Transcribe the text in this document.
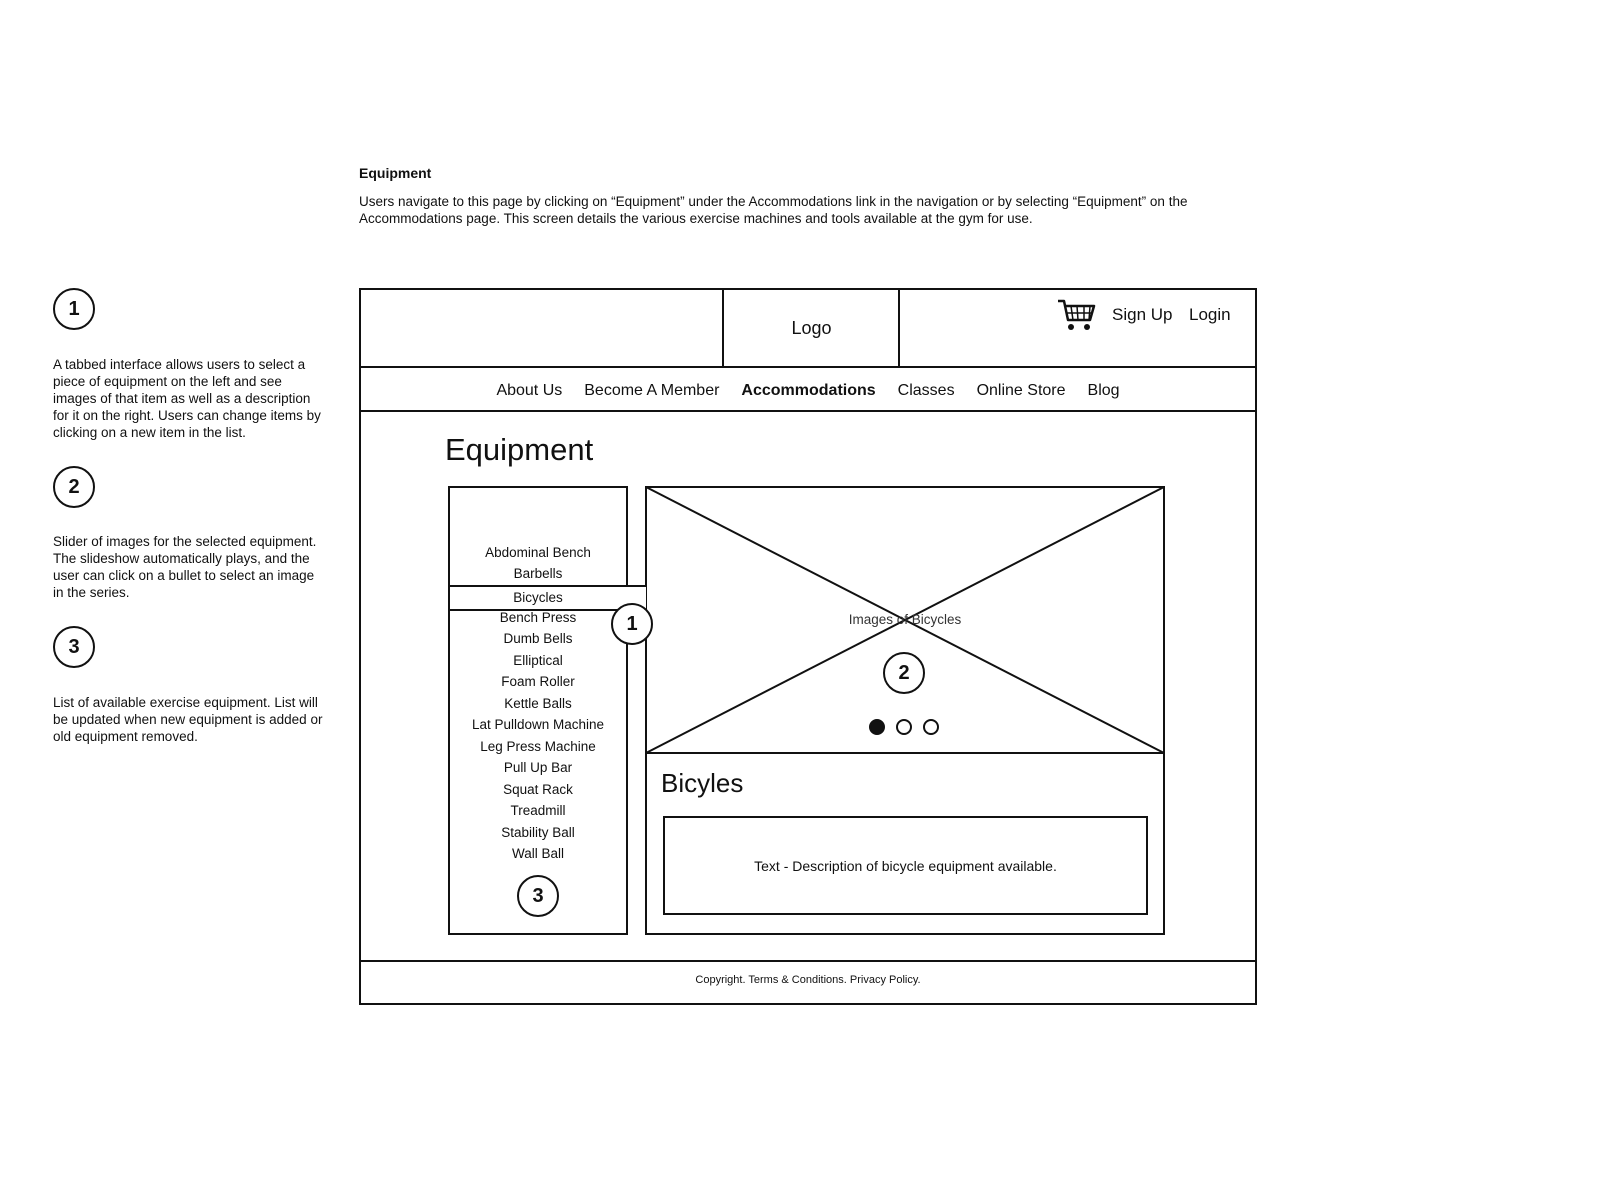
Equipment
Users navigate to this page by clicking on “Equipment” under the Accommodations link in the navigation or by selecting “Equipment” on the Accommodations page. This screen details the various exercise machines and tools available at the gym for use.
1
A tabbed interface allows users to select a piece of equipment on the left and see images of that item as well as a description for it on the right. Users can change items by clicking on a new item in the list.
2
Slider of images for the selected equipment. The slideshow automatically plays, and the user can click on a bullet to select an image in the series.
3
List of available exercise equipment. List will be updated when new equipment is added or old equipment removed.
Logo
Sign Up Login
About Us Become A Member Accommodations Classes Online Store Blog
Equipment
Images of Bicycles
2
Bicyles
Text - Description of bicycle equipment available.
Abdominal Bench
Barbells
Bicycles
Bench Press
Dumb Bells
Elliptical
Foam Roller
Kettle Balls
Lat Pulldown Machine
Leg Press Machine
Pull Up Bar
Squat Rack
Treadmill
Stability Ball
Wall Ball
3
1
Copyright. Terms & Conditions. Privacy Policy.
